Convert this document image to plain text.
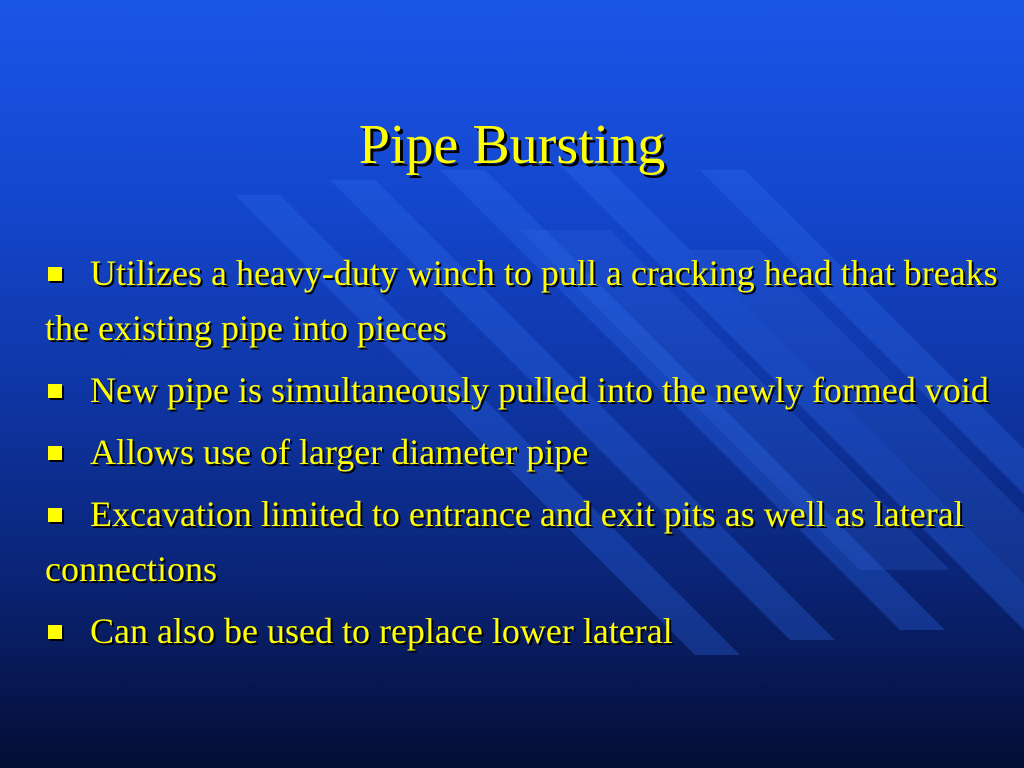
Pipe Bursting
Utilizes a heavy-duty winch to pull a cracking head that breaks the existing pipe into pieces
New pipe is simultaneously pulled into the newly formed void
Allows use of larger diameter pipe
Excavation limited to entrance and exit pits as well as lateral connections
Can also be used to replace lower lateral
